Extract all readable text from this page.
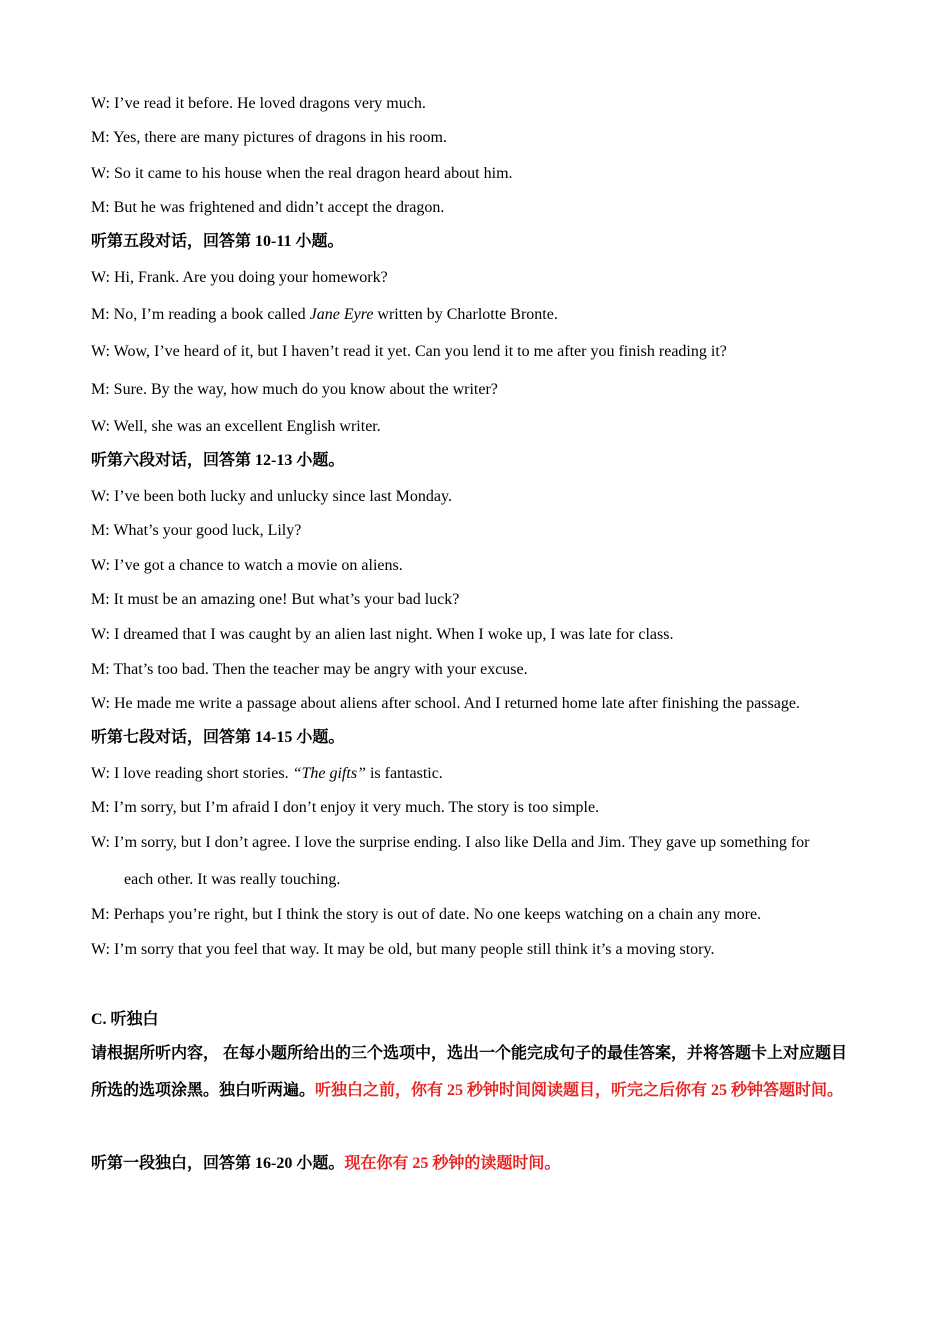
W: I’ve read it before. He loved dragons very much.
M: Yes, there are many pictures of dragons in his room.
W: So it came to his house when the real dragon heard about him.
M: But he was frightened and didn’t accept the dragon.
听第五段对话，回答第 10-11 小题。
W: Hi, Frank. Are you doing your homework?
M: No, I’m reading a book called Jane Eyre written by Charlotte Bronte.
W: Wow, I’ve heard of it, but I haven’t read it yet. Can you lend it to me after you finish reading it?
M: Sure. By the way, how much do you know about the writer?
W: Well, she was an excellent English writer.
听第六段对话，回答第 12-13 小题。
W: I’ve been both lucky and unlucky since last Monday.
M: What’s your good luck, Lily?
W: I’ve got a chance to watch a movie on aliens.
M: It must be an amazing one! But what’s your bad luck?
W: I dreamed that I was caught by an alien last night. When I woke up, I was late for class.
M: That’s too bad. Then the teacher may be angry with your excuse.
W: He made me write a passage about aliens after school. And I returned home late after finishing the passage.
听第七段对话，回答第 14-15 小题。
W: I love reading short stories. “The gifts” is fantastic.
M: I’m sorry, but I’m afraid I don’t enjoy it very much. The story is too simple.
W: I’m sorry, but I don’t agree. I love the surprise ending. I also like Della and Jim. They gave up something for
each other. It was really touching.
M: Perhaps you’re right, but I think the story is out of date. No one keeps watching on a chain any more.
W: I’m sorry that you feel that way. It may be old, but many people still think it’s a moving story.
C. 听独白
请根据所听内容， 在每小题所给出的三个选项中，选出一个能完成句子的最佳答案，并将答题卡上对应题目所选的选项涂黑。独白听两遍。听独白之前，你有 25 秒钟时间阅读题目，听完之后你有 25 秒钟答题时间。
听第一段独白，回答第 16-20 小题。现在你有 25 秒钟的读题时间。
